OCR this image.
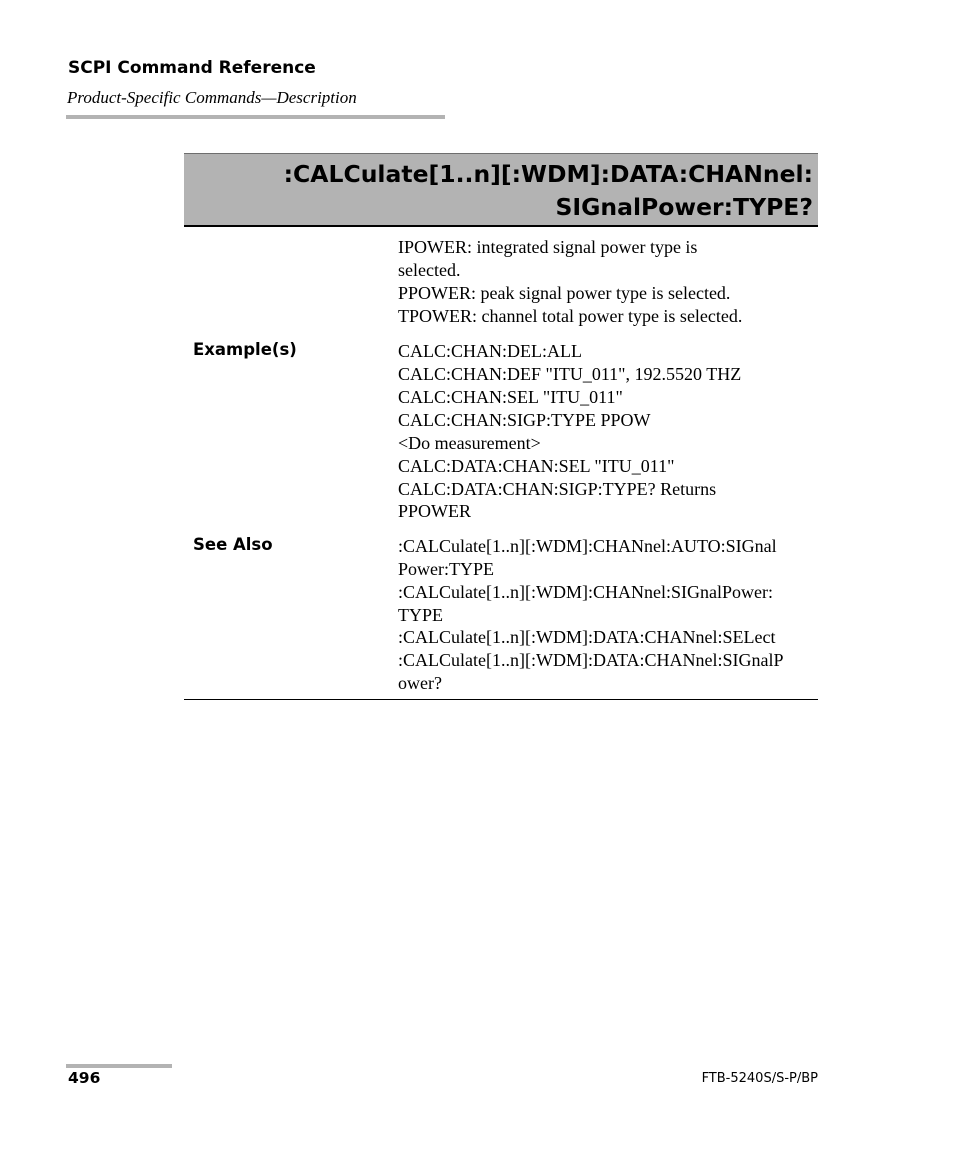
SCPI Command Reference
Product-Specific Commands—Description
:CALCulate[1..n][:WDM]:DATA:CHANnel:
SIGnalPower:TYPE?
IPOWER: integrated signal power type is
selected.
PPOWER: peak signal power type is selected.
TPOWER: channel total power type is selected.
Example(s)	CALC:CHAN:DEL:ALL
CALC:CHAN:DEF "ITU_011", 192.5520 THZ
CALC:CHAN:SEL "ITU_011"
CALC:CHAN:SIGP:TYPE PPOW
<Do measurement>
CALC:DATA:CHAN:SEL "ITU_011"
CALC:DATA:CHAN:SIGP:TYPE? Returns
PPOWER
See Also	:CALCulate[1..n][:WDM]:CHANnel:AUTO:SIGnal
Power:TYPE
:CALCulate[1..n][:WDM]:CHANnel:SIGnalPower:
TYPE
:CALCulate[1..n][:WDM]:DATA:CHANnel:SELect
:CALCulate[1..n][:WDM]:DATA:CHANnel:SIGnalP
ower?
496	FTB-5240S/S-P/BP
